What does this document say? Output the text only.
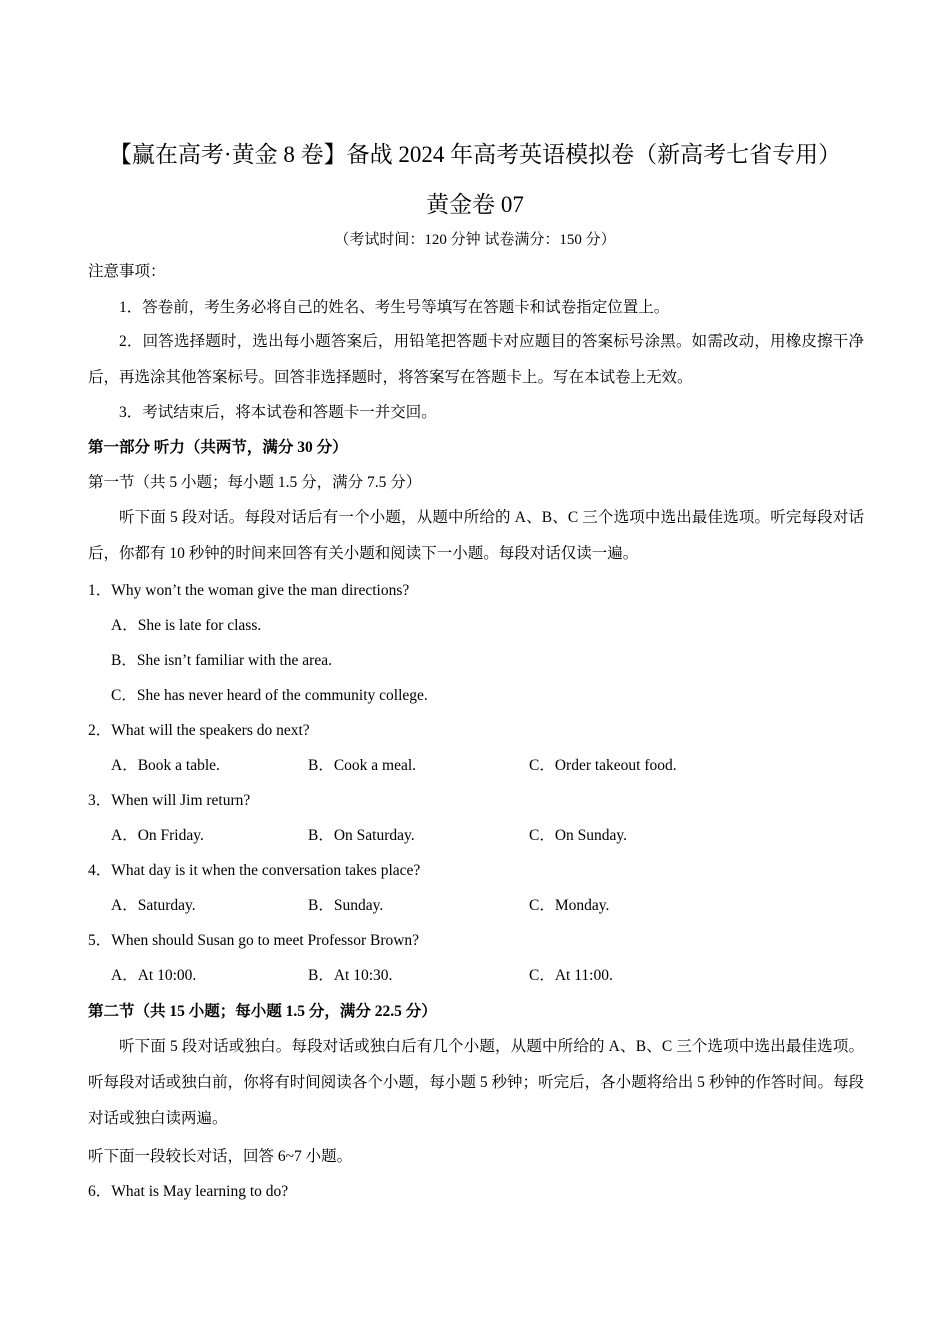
【赢在高考·黄金 8 卷】备战 2024 年高考英语模拟卷（新高考七省专用）
黄金卷 07
（考试时间：120 分钟 试卷满分：150 分）
注意事项：
1．答卷前，考生务必将自己的姓名、考生号等填写在答题卡和试卷指定位置上。
2．回答选择题时，选出每小题答案后，用铅笔把答题卡对应题目的答案标号涂黑。如需改动，用橡皮擦干净后，再选涂其他答案标号。回答非选择题时，将答案写在答题卡上。写在本试卷上无效。
3．考试结束后，将本试卷和答题卡一并交回。
第一部分 听力（共两节，满分 30 分）
第一节（共 5 小题；每小题 1.5 分，满分 7.5 分）
听下面 5 段对话。每段对话后有一个小题，从题中所给的 A、B、C 三个选项中选出最佳选项。听完每段对话后，你都有 10 秒钟的时间来回答有关小题和阅读下一小题。每段对话仅读一遍。
1．Why won’t the woman give the man directions?
A．She is late for class.
B．She isn’t familiar with the area.
C．She has never heard of the community college.
2．What will the speakers do next?
A．Book a table.	B．Cook a meal.	C．Order takeout food.
3．When will Jim return?
A．On Friday.	B．On Saturday.	C．On Sunday.
4．What day is it when the conversation takes place?
A．Saturday.	B．Sunday.	C．Monday.
5．When should Susan go to meet Professor Brown?
A．At 10:00.	B．At 10:30.	C．At 11:00.
第二节（共 15 小题；每小题 1.5 分，满分 22.5 分）
听下面 5 段对话或独白。每段对话或独白后有几个小题，从题中所给的 A、B、C 三个选项中选出最佳选项。听每段对话或独白前，你将有时间阅读各个小题，每小题 5 秒钟；听完后，各小题将给出 5 秒钟的作答时间。每段对话或独白读两遍。
听下面一段较长对话，回答 6~7 小题。
6．What is May learning to do?
